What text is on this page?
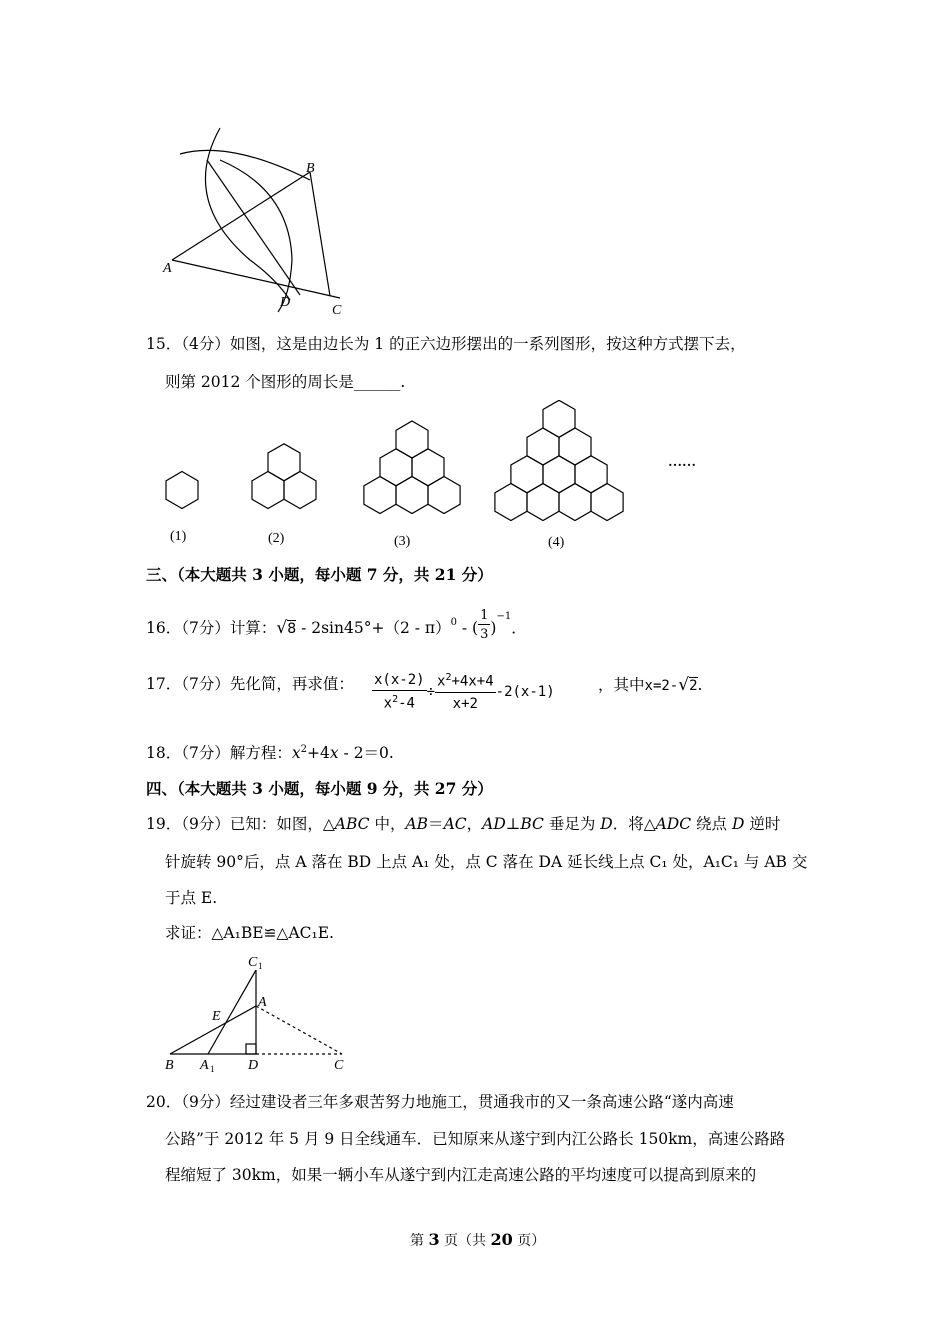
A
B
C
D
15．（4分）如图，这是由边长为 1 的正六边形摆出的一系列图形，按这种方式摆下去，
则第 2012 个图形的周长是______.
(1)	(2)	(3)	(4)
……
三、（本大题共 3 小题，每小题 7 分，共 21 分）
16．（7分）计算：√8 - 2sin45°+（2 - π）$^0$ - ( $\frac{1}{3} )^{-1}$．
17．（7分）先化简，再求值： $\frac{x(x-2)}{x^2-4} \div \frac{x^2+4x+4}{x+2} -2(x-1)$	，其中x=2-√2.
18．（7分）解方程：$x^2+4x - 2=0$.
四、（本大题共 3 小题，每小题 9 分，共 27 分）
19．（9分）已知：如图，△ABC 中，AB＝AC，AD⊥BC 垂足为 D．将△ADC 绕点 D 逆时
针旋转 90°后，点 A 落在 BD 上点 A₁ 处，点 C 落在 DA 延长线上点 C₁ 处，A₁C₁ 与 AB 交
于点 E.
求证：△A₁BE≌△AC₁E.
C 1
A
E
B A 1 D	C
20．（9分）经过建设者三年多艰苦努力地施工，贯通我市的又一条高速公路“遂内高速
公路”于 2012 年 5 月 9 日全线通车．已知原来从遂宁到内江公路长 150km，高速公路路
程缩短了 30km，如果一辆小车从遂宁到内江走高速公路的平均速度可以提高到原来的
第 3 页（共 20 页）
